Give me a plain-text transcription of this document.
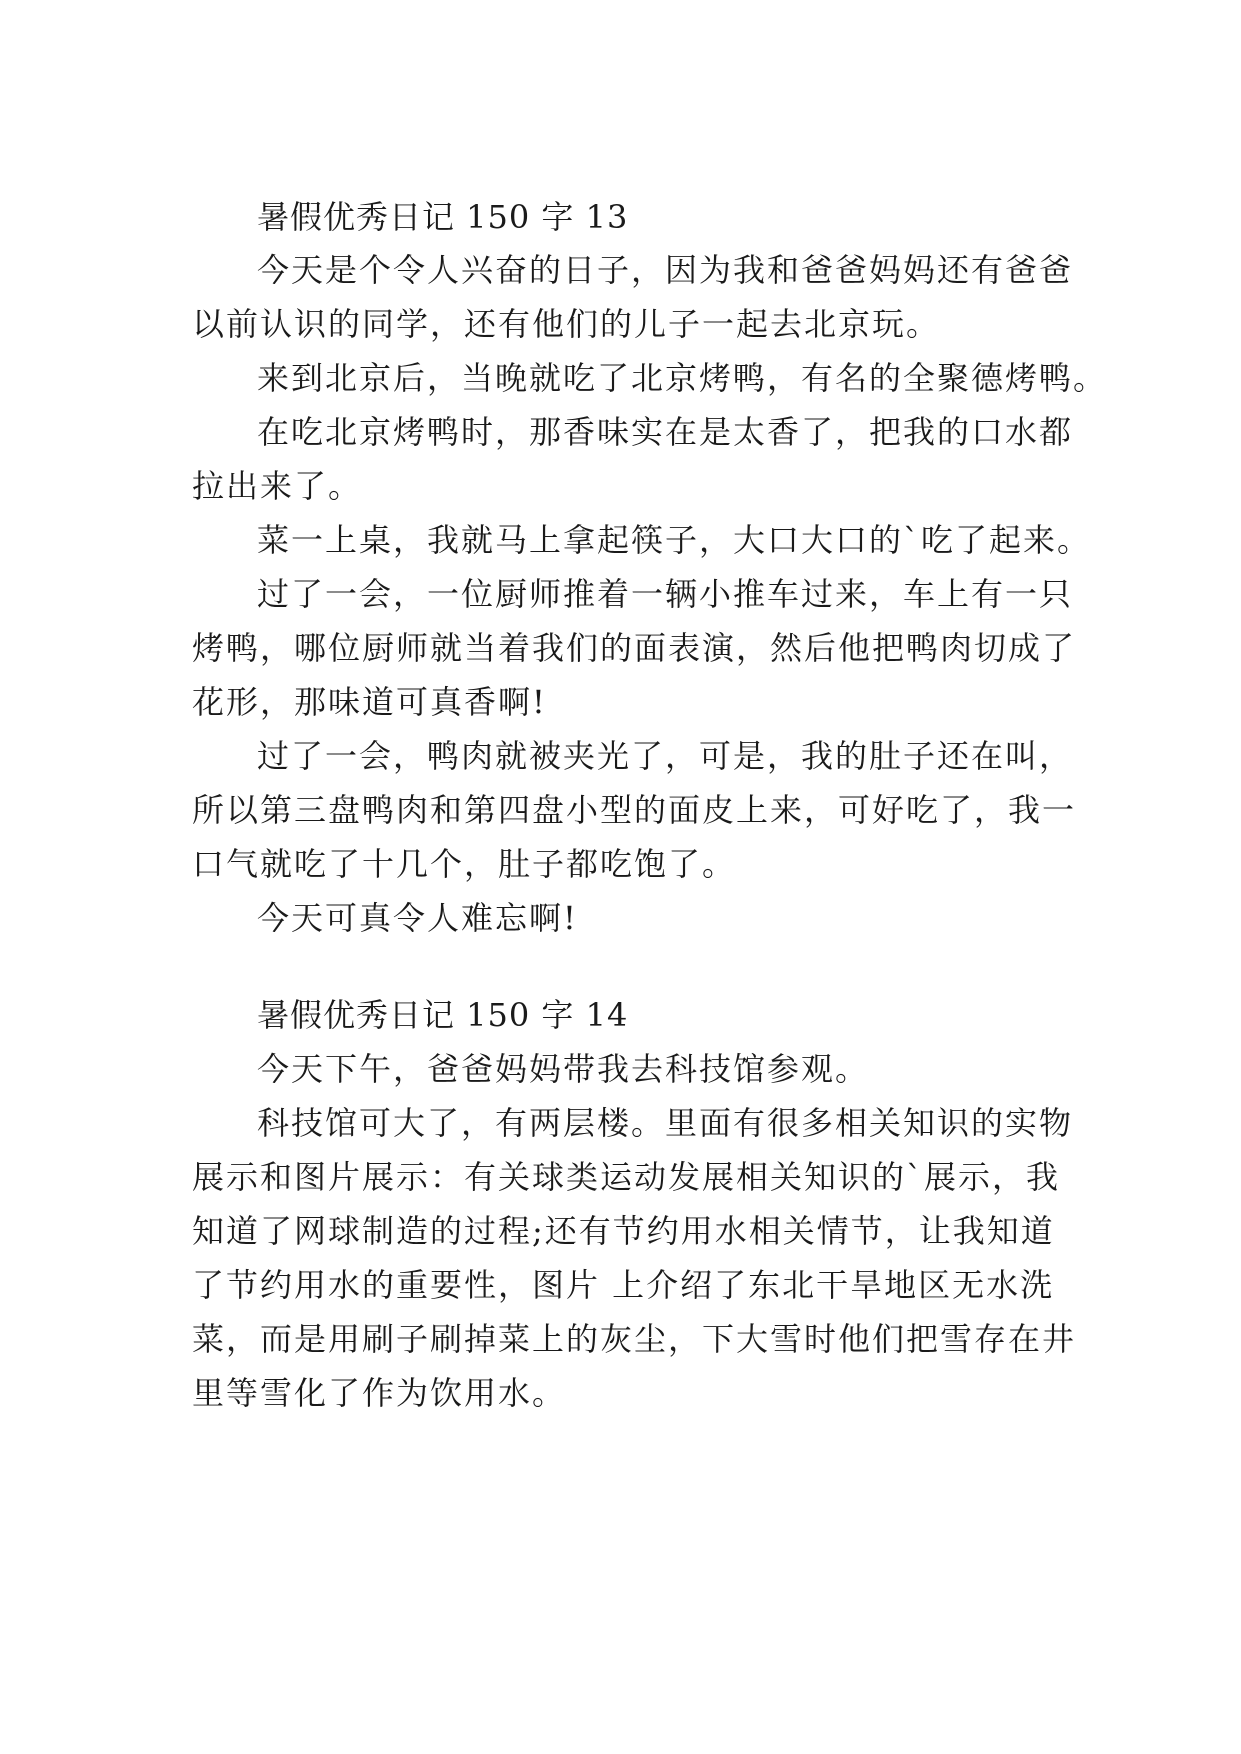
暑假优秀日记 150 字 13
今天是个令人兴奋的日子，因为我和爸爸妈妈还有爸爸
以前认识的同学，还有他们的儿子一起去北京玩。
来到北京后，当晚就吃了北京烤鸭，有名的全聚德烤鸭。
在吃北京烤鸭时，那香味实在是太香了，把我的口水都
拉出来了。
菜一上桌，我就马上拿起筷子，大口大口的`吃了起来。
过了一会，一位厨师推着一辆小推车过来，车上有一只
烤鸭，哪位厨师就当着我们的面表演，然后他把鸭肉切成了
花形，那味道可真香啊!
过了一会，鸭肉就被夹光了，可是，我的肚子还在叫，
所以第三盘鸭肉和第四盘小型的面皮上来，可好吃了，我一
口气就吃了十几个，肚子都吃饱了。
今天可真令人难忘啊!
暑假优秀日记 150 字 14
今天下午，爸爸妈妈带我去科技馆参观。
科技馆可大了，有两层楼。里面有很多相关知识的实物
展示和图片展示：有关球类运动发展相关知识的`展示，我
知道了网球制造的过程;还有节约用水相关情节，让我知道
了节约用水的重要性，图片 上介绍了东北干旱地区无水洗
菜，而是用刷子刷掉菜上的灰尘，下大雪时他们把雪存在井
里等雪化了作为饮用水。
